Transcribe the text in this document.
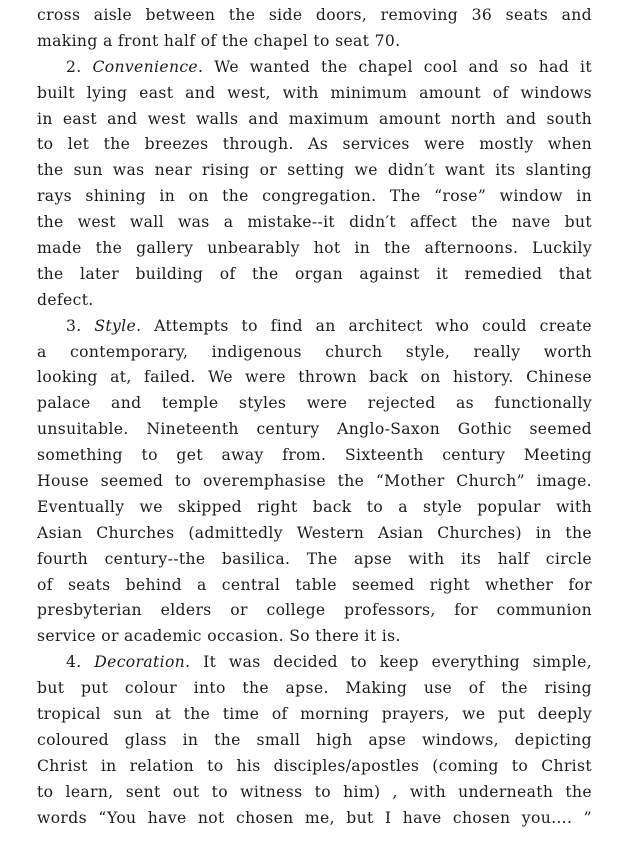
cross aisle between the side doors, removing 36 seats and
making a front half of the chapel to seat 70.
2. Convenience. We wanted the chapel cool and so had it
built lying east and west, with minimum amount of windows
in east and west walls and maximum amount north and south
to let the breezes through. As services were mostly when
the sun was near rising or setting we didn′t want its slanting
rays shining in on the congregation. The “rose” window in
the west wall was a mistake--it didn′t affect the nave but
made the gallery unbearably hot in the afternoons. Luckily
the later building of the organ against it remedied that
defect.
3. Style. Attempts to find an architect who could create
a contemporary, indigenous church style, really worth
looking at, failed. We were thrown back on history. Chinese
palace and temple styles were rejected as functionally
unsuitable. Nineteenth century Anglo-Saxon Gothic seemed
something to get away from. Sixteenth century Meeting
House seemed to overemphasise the “Mother Church” image.
Eventually we skipped right back to a style popular with
Asian Churches (admittedly Western Asian Churches) in the
fourth century--the basilica. The apse with its half circle
of seats behind a central table seemed right whether for
presbyterian elders or college professors, for communion
service or academic occasion. So there it is.
4. Decoration. It was decided to keep everything simple,
but put colour into the apse. Making use of the rising
tropical sun at the time of morning prayers, we put deeply
coloured glass in the small high apse windows, depicting
Christ in relation to his disciples/apostles (coming to Christ
to learn, sent out to witness to him) , with underneath the
words “You have not chosen me, but I have chosen you…. ”
